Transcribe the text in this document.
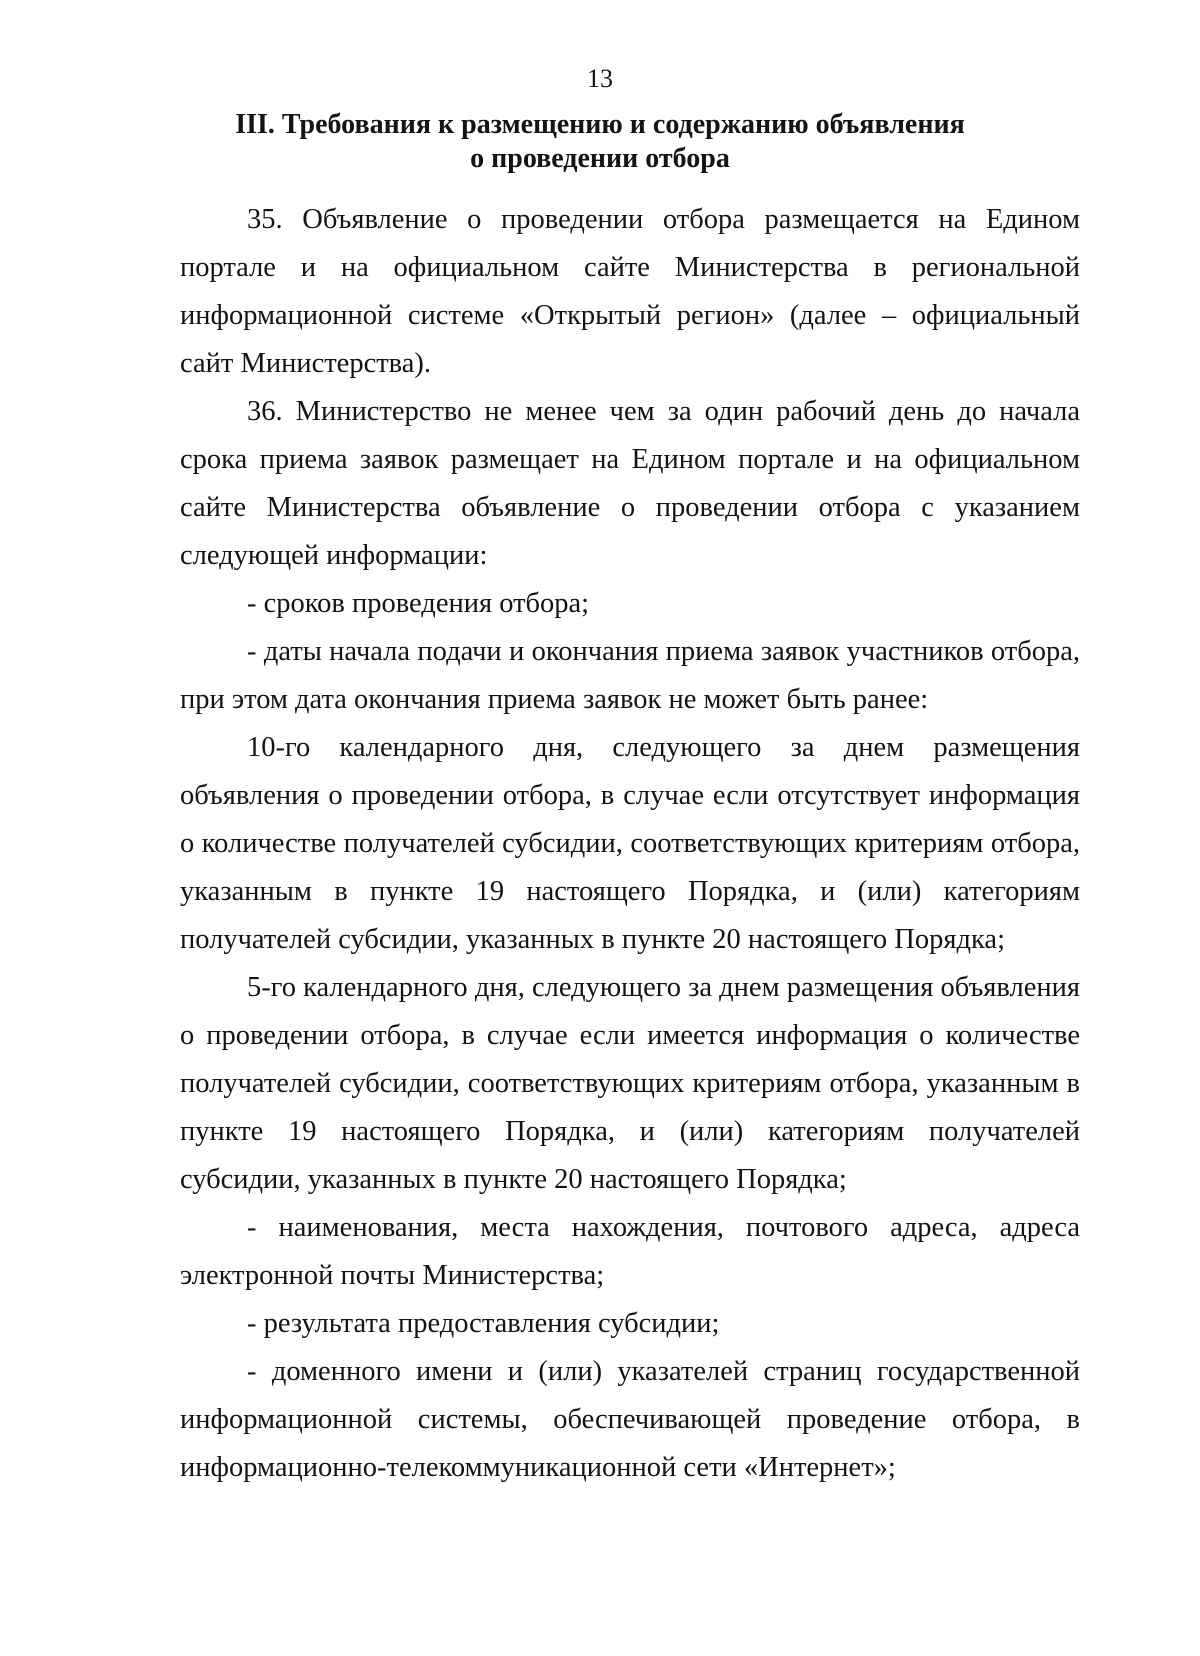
13
III. Требования к размещению и содержанию объявления
о проведении отбора

35. Объявление о проведении отбора размещается на Едином портале и на официальном сайте Министерства в региональной информационной системе «Открытый регион» (далее – официальный сайт Министерства).

36. Министерство не менее чем за один рабочий день до начала срока приема заявок размещает на Едином портале и на официальном сайте Министерства объявление о проведении отбора с указанием следующей информации:

- сроков проведения отбора;

- даты начала подачи и окончания приема заявок участников отбора, при этом дата окончания приема заявок не может быть ранее:

10-го календарного дня, следующего за днем размещения объявления о проведении отбора, в случае если отсутствует информация о количестве получателей субсидии, соответствующих критериям отбора, указанным в пункте 19 настоящего Порядка, и (или) категориям получателей субсидии, указанных в пункте 20 настоящего Порядка;

5-го календарного дня, следующего за днем размещения объявления о проведении отбора, в случае если имеется информация о количестве получателей субсидии, соответствующих критериям отбора, указанным в пункте 19 настоящего Порядка, и (или) категориям получателей субсидии, указанных в пункте 20 настоящего Порядка;

- наименования, места нахождения, почтового адреса, адреса электронной почты Министерства;

- результата предоставления субсидии;

- доменного имени и (или) указателей страниц государственной информационной системы, обеспечивающей проведение отбора, в информационно-телекоммуникационной сети «Интернет»;
